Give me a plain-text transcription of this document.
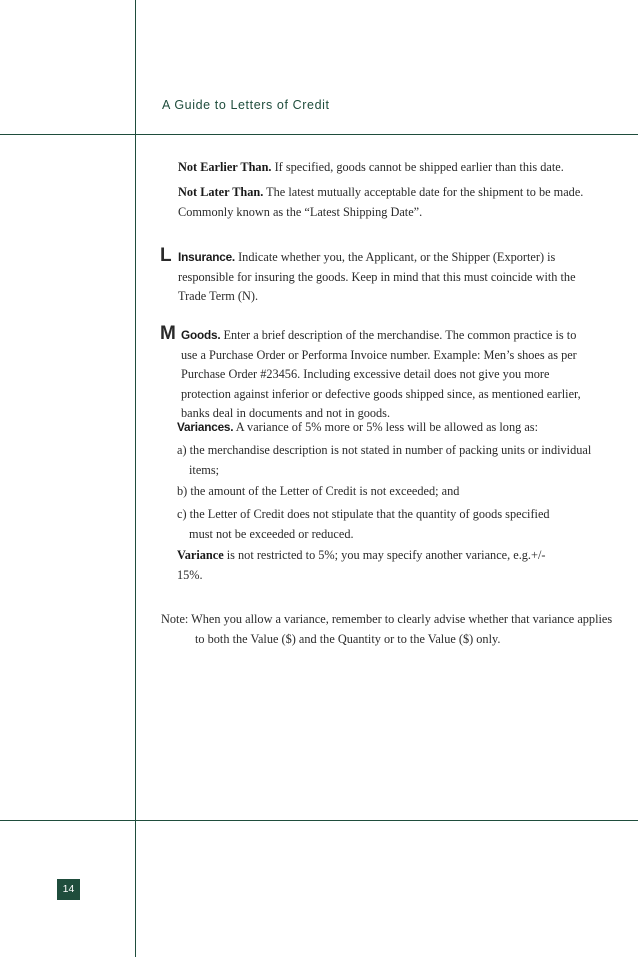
A Guide to Letters of Credit
Not Earlier Than. If specified, goods cannot be shipped earlier than this date.
Not Later Than. The latest mutually acceptable date for the shipment to be made. Commonly known as the “Latest Shipping Date”.
L Insurance. Indicate whether you, the Applicant, or the Shipper (Exporter) is responsible for insuring the goods. Keep in mind that this must coincide with the Trade Term (N).
M Goods. Enter a brief description of the merchandise. The common practice is to use a Purchase Order or Performa Invoice number. Example: Men’s shoes as per Purchase Order #23456. Including excessive detail does not give you more protection against inferior or defective goods shipped since, as mentioned earlier, banks deal in documents and not in goods.
Variances. A variance of 5% more or 5% less will be allowed as long as:
a) the merchandise description is not stated in number of packing units or individual items;
b) the amount of the Letter of Credit is not exceeded; and
c) the Letter of Credit does not stipulate that the quantity of goods specified must not be exceeded or reduced.
Variance is not restricted to 5%; you may specify another variance, e.g.+/- 15%.
Note: When you allow a variance, remember to clearly advise whether that variance applies to both the Value ($) and the Quantity or to the Value ($) only.
14
